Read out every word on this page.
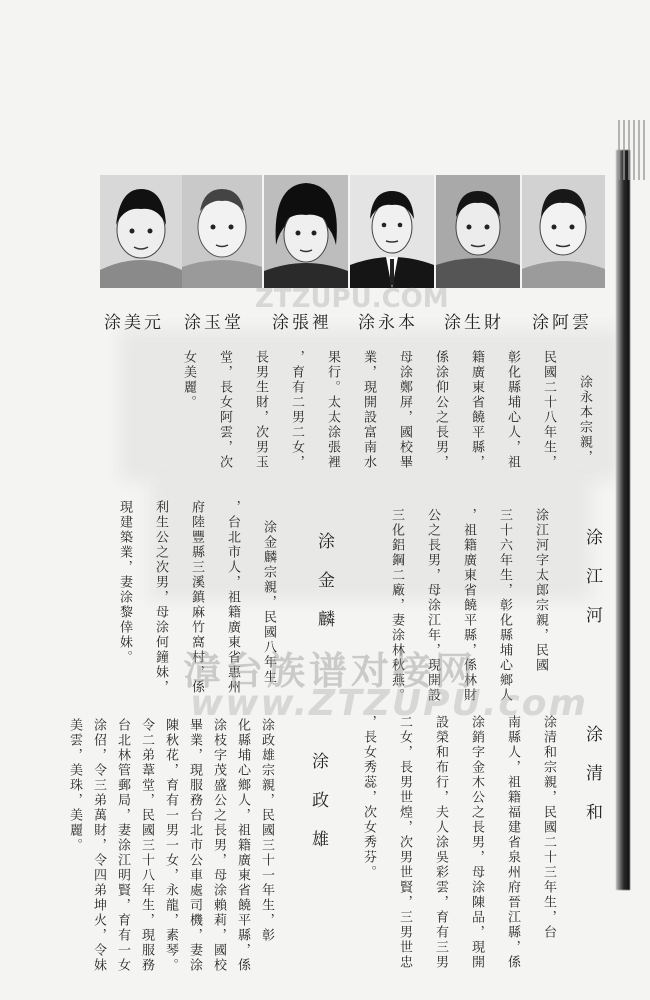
ZTZUPU.COM
涂美元 涂玉堂 涂張裡 涂永本 涂生財 涂阿雲
涂永本宗親，
民國二十八年生，
彰化縣埔心人，祖
籍廣東省饒平縣，
係涂仰公之長男，
母涂鄭屏，國校畢
業，現開設富南水
果行。太太涂張裡
，育有二男二女，
長男生財，次男玉
堂，長女阿雲，次
女美麗。
涂江河
涂江河字太郎宗親，民國
三十六年生，彰化縣埔心鄉人
，祖籍廣東省饒平縣，係林財
公之長男，母涂江年，現開設
三化鋁鋼二廠，妻涂林秋燕。
涂清和
涂清和宗親，民國二十三年生，台
南縣人，祖籍福建省泉州府晉江縣，係
涂銷字金木公之長男，母涂陳品，現開
設榮和布行，夫人涂吳彩雲，育有三男
二女，長男世煌，次男世賢，三男世忠
，長女秀蕊，次女秀芬。
涂金麟
涂金麟宗親，民國八年生
，台北市人，祖籍廣東省惠州
府陸豐縣三溪鎮麻竹窩村，係
利生公之次男，母涂何鐘妹，
現建築業，妻涂黎倖妹。
涂政雄
涂政雄宗親，民國三十一年生，彰
化縣埔心鄉人，祖籍廣東省饒平縣，係
涂枝字茂盛公之長男，母涂賴莉，國校
畢業，現服務台北市公車處司機，妻涂
陳秋花，育有一男一女，永龍，素琴。
令二弟葦堂，民國三十八年生，現服務
台北林管郵局，妻涂江明賢，育有一女
涂佋，令三弟萬財，令四弟坤火，令妹
美雲，美珠，美麗。
漳台族谱对接网
www.ZTZUPU.com
